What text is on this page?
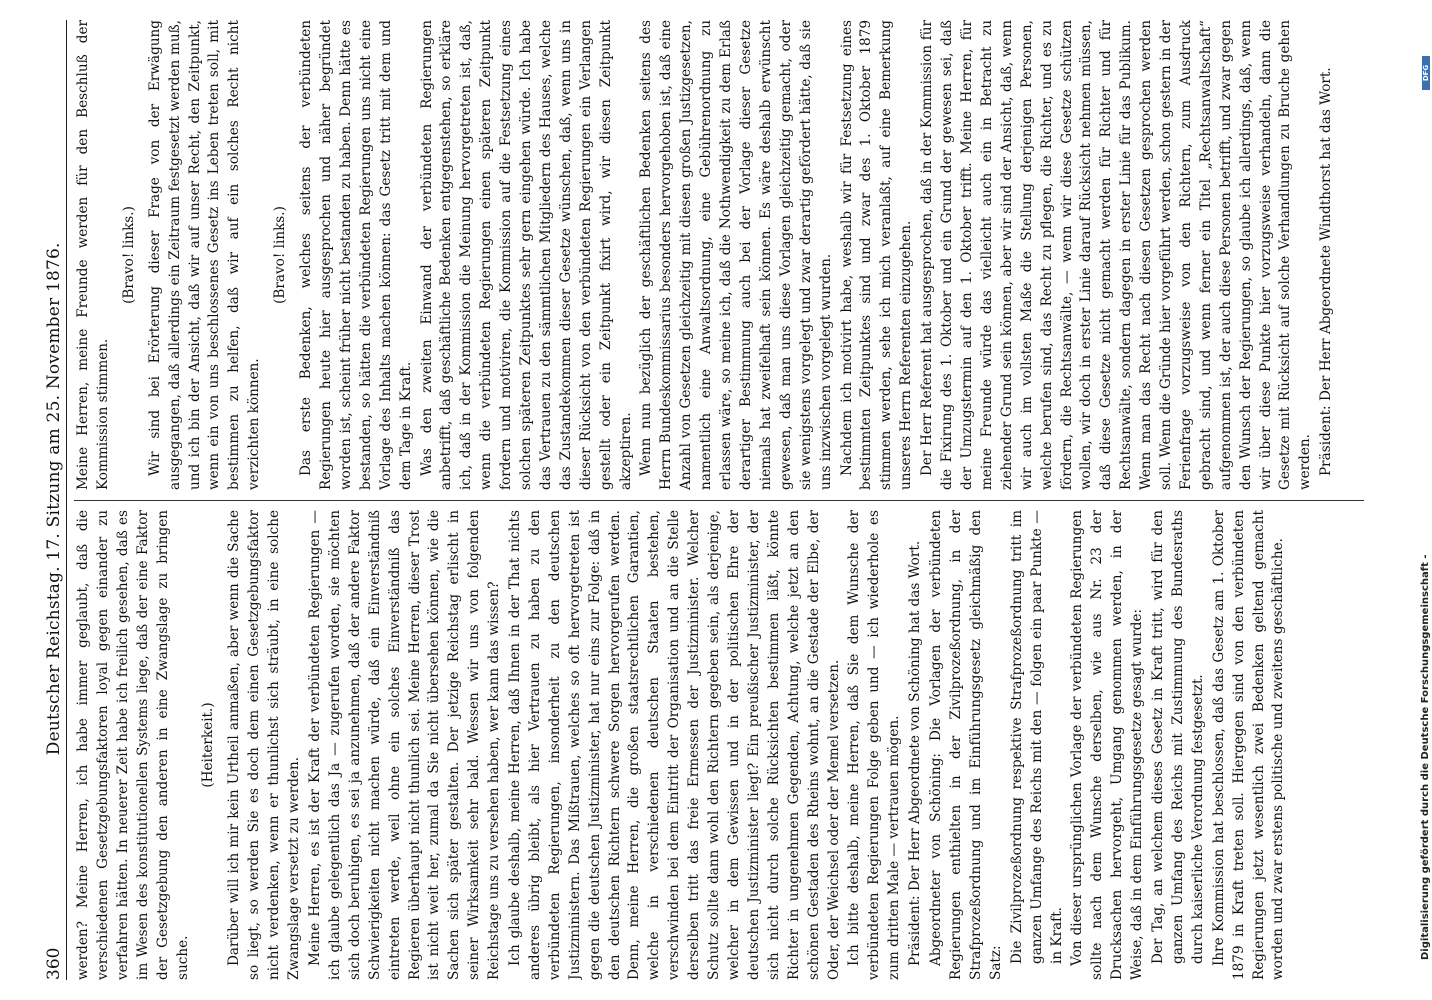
360
Deutscher Reichstag. 17. Sitzung am 25. November 1876. werden? Meine Herren, ich habe immer geglaubt, daß die verschiedenen Gesetzgebungsfaktoren loyal gegen einander zu verfahren hätten. In neuerer Zeit habe ich freilich gesehen, daß es im Wesen des konstitutionellen Systems liege, daß der eine Faktor der Gesetzgebung den anderen in eine Zwangslage zu bringen suche.

(Heiterkeit.) Darüber will ich mir kein Urtheil anmaßen, aber wenn die Sache so liegt, so werden Sie es doch dem einen Gesetzgebungsfaktor nicht verdenken, wenn er thunlichst sich sträubt, in eine solche Zwangslage versetzt zu werden. Meine Herren, es ist der Kraft der verbündeten Regierungen — ich glaube gelegentlich das Ja — zugerufen worden, sie möchten sich doch beruhigen, es sei ja anzunehmen, daß der andere Faktor Schwierigkeiten nicht machen würde, daß ein Einverständniß eintreten werde, weil ohne ein solches Einverständniß das Regieren überhaupt nicht thunlich sei. Meine Herren, dieser Trost ist nicht weit her, zumal da Sie nicht übersehen können, wie die Sachen sich später gestalten. Der jetzige Reichstag erlischt in seiner Wirksamkeit sehr bald. Wessen wir uns von folgenden Reichstage uns zu versehen haben, wer kann das wissen? Ich glaube deshalb, meine Herren, daß Ihnen in der That nichts anderes übrig bleibt, als hier Vertrauen zu haben zu den verbündeten Regierungen, insonderheit zu den deutschen Justizministern. Das Mißtrauen, welches so oft hervorgetreten ist gegen die deutschen Justizminister, hat nur eins zur Folge: daß in den deutschen Richtern schwere Sorgen hervorgerufen werden. Denn, meine Herren, die großen staatsrechtlichen Garantien, welche in verschiedenen deutschen Staaten bestehen, verschwinden bei dem Eintritt der Organisation und an die Stelle derselben tritt das freie Ermessen der Justizminister. Welcher Schutz sollte dann wohl den Richtern gegeben sein, als derjenige, welcher in dem Gewissen und in der politischen Ehre der deutschen Justizminister liegt? Ein preußischer Justizminister, der sich nicht durch solche Rücksichten bestimmen läßt, könnte Richter in ungenehmen Gegenden, Achtung, welche jetzt an den schönen Gestaden des Rheins wohnt, an die Gestade der Elbe, der Oder, der Weichsel oder der Memel versetzen. Ich bitte deshalb, meine Herren, daß Sie dem Wunsche der verbündeten Regierungen Folge geben und — ich wiederhole es zum dritten Male — vertrauen mögen. Präsident: Der Herr Abgeordnete von Schöning hat das Wort. Abgeordneter von Schöning: Die Vorlagen der verbündeten Regierungen enthielten in der Zivilprozeßordnung, in der Strafprozeßordnung und im Einführungsgesetz gleichmäßig den Satz: Die Zivilprozeßordnung respektive Strafprozeßordnung tritt im ganzen Umfange des Reichs mit den — folgen ein paar Punkte — in Kraft. Von dieser ursprünglichen Vorlage der verbündeten Regierungen sollte nach dem Wunsche derselben, wie aus Nr. 23 der Drucksachen hervorgeht, Umgang genommen werden, in der Weise, daß in dem Einführungsgesetze gesagt wurde: Der Tag, an welchem dieses Gesetz in Kraft tritt, wird für den ganzen Umfang des Reichs mit Zustimmung des Bundesraths durch kaiserliche Verordnung festgesetzt. Ihre Kommission hat beschlossen, daß das Gesetz am 1. Oktober 1879 in Kraft treten soll. Hiergegen sind von den verbündeten Regierungen jetzt wesentlich zwei Bedenken geltend gemacht worden und zwar erstens politische und zweitens geschäftliche.

Meine Herren, meine Freunde werden für den Beschluß der Kommission stimmen.

(Bravo! links.) Wir sind bei Erörterung dieser Frage von der Erwägung ausgegangen, daß allerdings ein Zeitraum festgesetzt werden muß, und ich bin der Ansicht, daß wir auf unser Recht, den Zeitpunkt, wenn ein von uns beschlossenes Gesetz ins Leben treten soll, mit bestimmen zu helfen, daß wir auf ein solches Recht nicht verzichten können.

(Bravo! links.) Das erste Bedenken, welches seitens der verbündeten Regierungen heute hier ausgesprochen und näher begründet worden ist, scheint früher nicht bestanden zu haben. Denn hätte es bestanden, so hätten die verbündeten Regierungen uns nicht eine Vorlage des Inhalts machen können: das Gesetz tritt mit dem und dem Tage in Kraft. Was den zweiten Einwand der verbündeten Regierungen anbetrifft, daß geschäftliche Bedenken entgegenstehen, so erkläre ich, daß in der Kommission die Meinung hervorgetreten ist, daß, wenn die verbündeten Regierungen einen späteren Zeitpunkt fordern und motiviren, die Kommission auf die Festsetzung eines solchen späteren Zeitpunktes sehr gern eingehen würde. Ich habe das Vertrauen zu den sämmtlichen Mitgliedern des Hauses, welche das Zustandekommen dieser Gesetze wünschen, daß, wenn uns in dieser Rücksicht von den verbündeten Regierungen ein Verlangen gestellt oder ein Zeitpunkt fixirt wird, wir diesen Zeitpunkt akzeptiren. Wenn nun bezüglich der geschäftlichen Bedenken seitens des Herrn Bundeskommissarius besonders hervorgehoben ist, daß eine Anzahl von Gesetzen gleichzeitig mit diesen großen Justizgesetzen, namentlich eine Anwaltsordnung, eine Gebührenordnung zu erlassen wäre, so meine ich, daß die Nothwendigkeit zu dem Erlaß derartiger Bestimmung auch bei der Vorlage dieser Gesetze niemals hat zweifelhaft sein können. Es wäre deshalb erwünscht gewesen, daß man uns diese Vorlagen gleichzeitig gemacht, oder sie wenigstens vorgelegt und zwar derartig gefördert hätte, daß sie uns inzwischen vorgelegt wurden. Nachdem ich motivirt habe, weshalb wir für Festsetzung eines bestimmten Zeitpunktes sind und zwar des 1. Oktober 1879 stimmen werden, sehe ich mich veranlaßt, auf eine Bemerkung unseres Herrn Referenten einzugehen. Der Herr Referent hat ausgesprochen, daß in der Kommission für die Fixirung des 1. Oktober und ein Grund der gewesen sei, daß der Umzugstermin auf den 1. Oktober trifft. Meine Herren, für meine Freunde würde das vielleicht auch ein in Betracht zu ziehender Grund sein können, aber wir sind der Ansicht, daß, wenn wir auch im vollsten Maße die Stellung derjenigen Personen, welche berufen sind, das Recht zu pflegen, die Richter, und es zu fördern, die Rechtsanwälte, — wenn wir diese Gesetze schützen wollen, wir doch in erster Linie darauf Rücksicht nehmen müssen, daß diese Gesetze nicht gemacht werden für Richter und für Rechtsanwälte, sondern dagegen in erster Linie für das Publikum. Wenn man das Recht nach diesen Gesetzen gesprochen werden soll. Wenn die Gründe hier vorgeführt werden, schon gestern in der Ferienfrage vorzugsweise von den Richtern, zum Ausdruck gebracht sind, und wenn ferner ein Titel „Rechtsanwaltschaft“ aufgenommen ist, der auch diese Personen betrifft, und zwar gegen den Wunsch der Regierungen, so glaube ich allerdings, daß, wenn wir über diese Punkte hier vorzugsweise verhandeln, dann die Gesetze mit Rücksicht auf solche Verhandlungen zu Bruche gehen werden. Präsident: Der Herr Abgeordnete Windthorst hat das Wort.	DFG
Digitalisierung gefördert durch die Deutsche Forschungsgemeinschaft -
